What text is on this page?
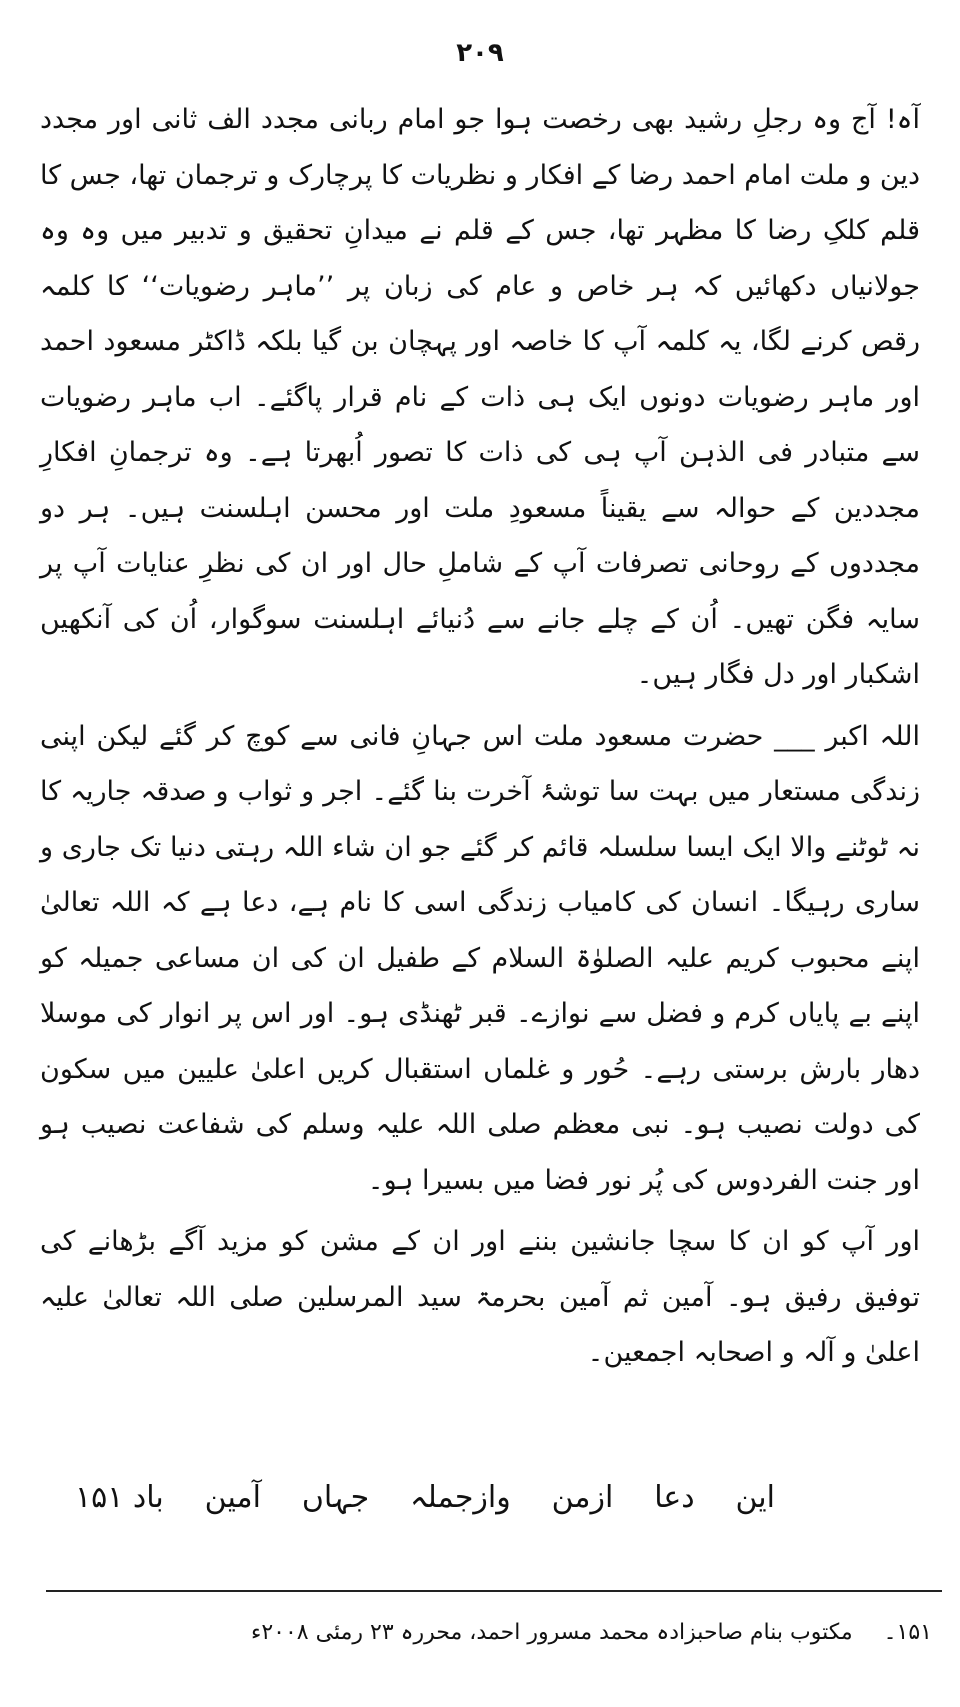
۲۰۹

آہ! آج وہ رجلِ رشید بھی رخصت ہوا جو امام ربانی مجدد الف ثانی اور مجدد دین و ملت امام احمد رضا کے افکار و نظریات کا پرچارک و ترجمان تھا، جس کا قلم کلکِ رضا کا مظہر تھا، جس کے قلم نے میدانِ تحقیق و تدبیر میں وہ وہ جولانیاں دکھائیں کہ ہر خاص و عام کی زبان پر ’’ماہر رضویات‘‘ کا کلمہ رقص کرنے لگا، یہ کلمہ آپ کا خاصہ اور پہچان بن گیا بلکہ ڈاکٹر مسعود احمد اور ماہر رضویات دونوں ایک ہی ذات کے نام قرار پاگئے۔ اب ماہر رضویات سے متبادر فی الذہن آپ ہی کی ذات کا تصور اُبھرتا ہے۔ وہ ترجمانِ افکارِ مجددین کے حوالہ سے یقیناً مسعودِ ملت اور محسن اہلسنت ہیں۔ ہر دو مجددوں کے روحانی تصرفات آپ کے شاملِ حال اور ان کی نظرِ عنایات آپ پر سایہ فگن تھیں۔ اُن کے چلے جانے سے دُنیائے اہلسنت سوگوار، اُن کی آنکھیں اشکبار اور دل فگار ہیں۔

اللہ اکبر ___ حضرت مسعود ملت اس جہانِ فانی سے کوچ کر گئے لیکن اپنی زندگی مستعار میں بہت سا توشۂ آخرت بنا گئے۔ اجر و ثواب و صدقہ جاریہ کا نہ ٹوٹنے والا ایک ایسا سلسلہ قائم کر گئے جو ان شاء اللہ رہتی دنیا تک جاری و ساری رہیگا۔ انسان کی کامیاب زندگی اسی کا نام ہے، دعا ہے کہ اللہ تعالیٰ اپنے محبوب کریم علیہ الصلوٰۃ السلام کے طفیل ان کی ان مساعی جمیلہ کو اپنے بے پایاں کرم و فضل سے نوازے۔ قبر ٹھنڈی ہو۔ اور اس پر انوار کی موسلا دھار بارش برستی رہے۔ حُور و غلماں استقبال کریں اعلیٰ علیین میں سکون کی دولت نصیب ہو۔ نبی معظم صلی اللہ علیہ وسلم کی شفاعت نصیب ہو اور جنت الفردوس کی پُر نور فضا میں بسیرا ہو۔

اور آپ کو ان کا سچا جانشین بننے اور ان کے مشن کو مزید آگے بڑھانے کی توفیق رفیق ہو۔ آمین ثم آمین بحرمۃ سید المرسلین صلی اللہ تعالیٰ علیہ اعلیٰ و آلہ و اصحابہ اجمعین۔

این
دعا
ازمن
وازجملہ
جہاں
آمین
باد ۱۵۱
۱۵۱۔ مکتوب بنام صاحبزادہ محمد مسرور احمد، محررہ ۲۳ رمئی ۲۰۰۸ء
